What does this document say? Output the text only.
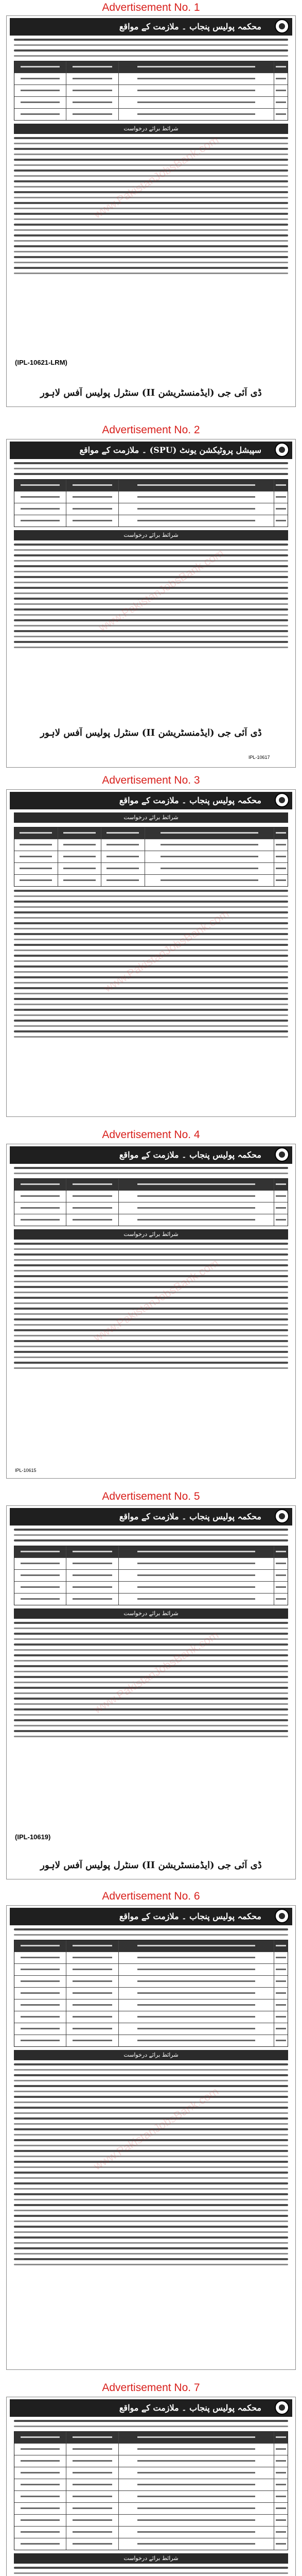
Advertisement No. 1
محکمہ پولیس پنجاب ۔ ملازمت کے مواقع
شرائط برائے درخواست
(IPL-10621-LRM)
ڈی آئی جی (ایڈمنسٹریشن II) سنٹرل پولیس آفس لاہور
www.PakistanJobsBank.com
Advertisement No. 2
سپیشل پروٹیکشن یونٹ (SPU) ۔ ملازمت کے مواقع
شرائط برائے درخواست
ڈی آئی جی (ایڈمنسٹریشن II) سنٹرل پولیس آفس لاہور
IPL-10617
www.PakistanJobsBank.com
Advertisement No. 3
محکمہ پولیس پنجاب ۔ ملازمت کے مواقع
شرائط برائے درخواست
Advertisement No. 4
محکمہ پولیس پنجاب ۔ ملازمت کے مواقع
شرائط برائے درخواست
IPL-10615
www.PakistanJobsBank.com
Advertisement No. 5
محکمہ پولیس پنجاب ۔ ملازمت کے مواقع
شرائط برائے درخواست
(IPL-10619)
ڈی آئی جی (ایڈمنسٹریشن II) سنٹرل پولیس آفس لاہور
Advertisement No. 6
محکمہ پولیس پنجاب ۔ ملازمت کے مواقع
شرائط برائے درخواست
Advertisement No. 7
محکمہ پولیس پنجاب ۔ ملازمت کے مواقع
شرائط برائے درخواست
